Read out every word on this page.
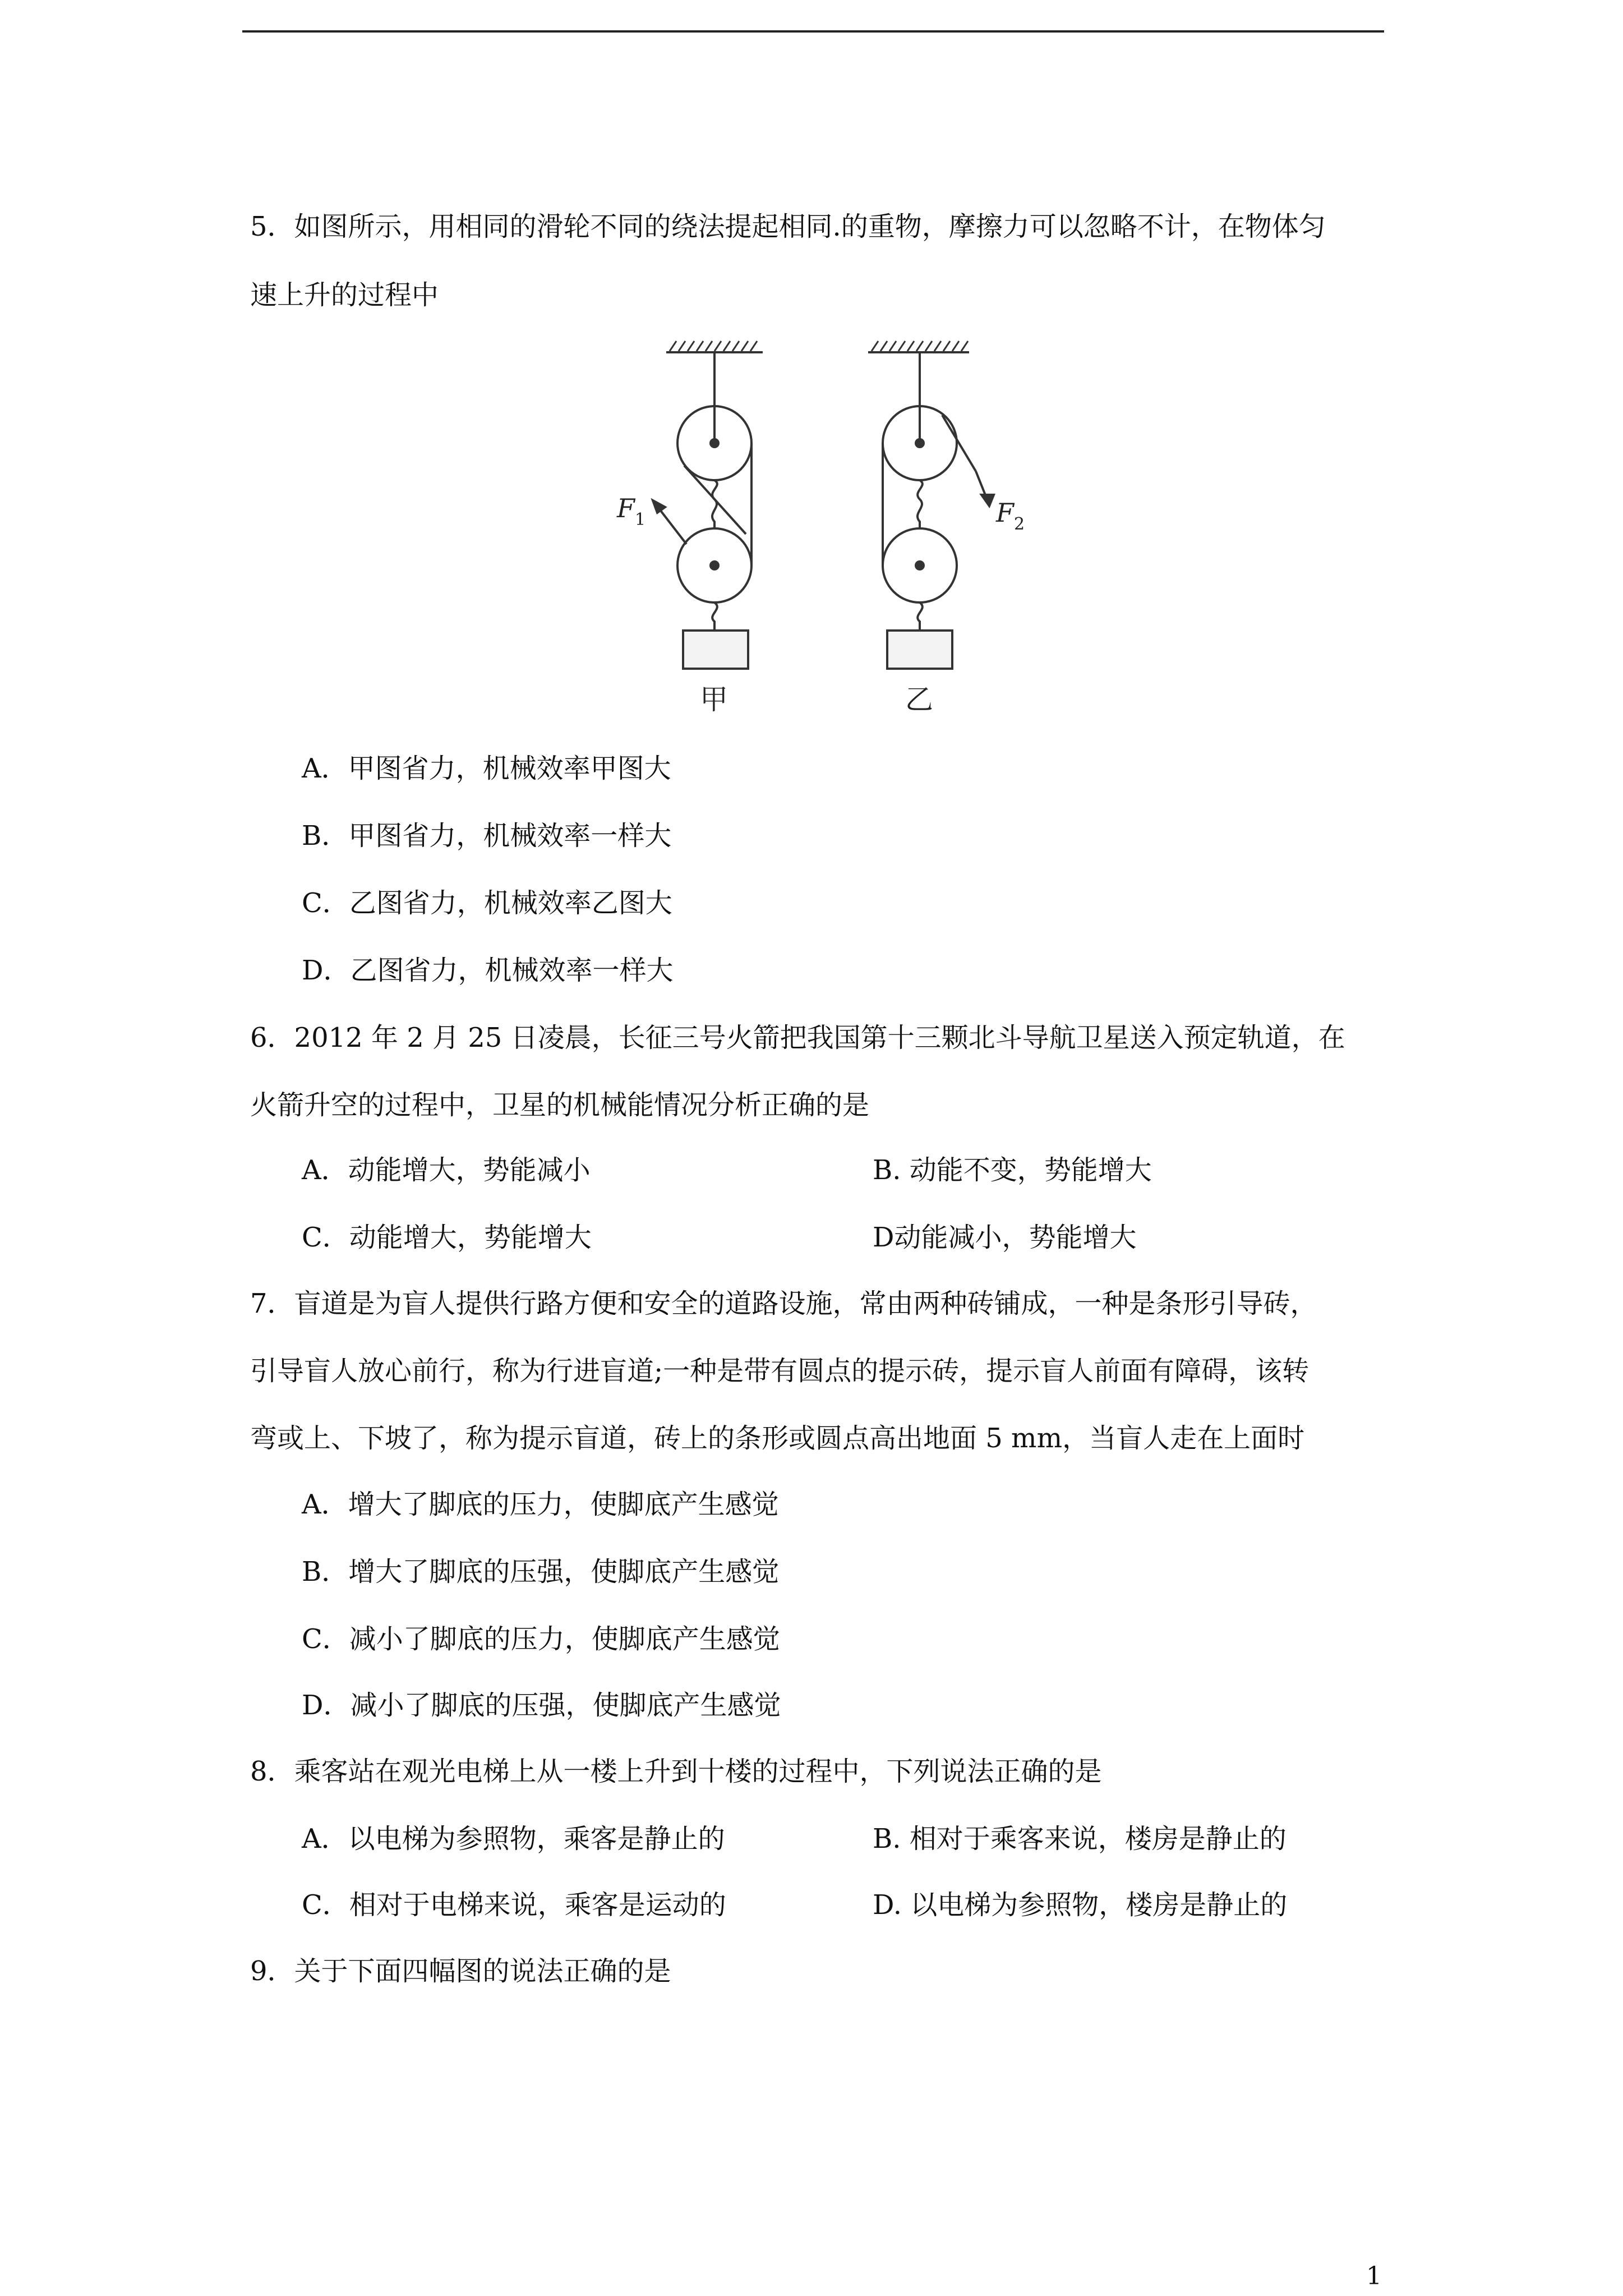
5．如图所示，用相同的滑轮不同的绕法提起相同.的重物，摩擦力可以忽略不计，在物体匀
速上升的过程中
F 1	F 2
甲	乙
A．甲图省力，机械效率甲图大
B．甲图省力，机械效率一样大
C．乙图省力，机械效率乙图大
D．乙图省力，机械效率一样大
6．2012 年 2 月 25 日凌晨，长征三号火箭把我国第十三颗北斗导航卫星送入预定轨道，在
火箭升空的过程中，卫星的机械能情况分析正确的是
A．动能增大，势能减小	B. 动能不变，势能增大
C．动能增大，势能增大	D动能减小，势能增大
7．盲道是为盲人提供行路方便和安全的道路设施，常由两种砖铺成，一种是条形引导砖，
引导盲人放心前行，称为行进盲道;一种是带有圆点的提示砖，提示盲人前面有障碍，该转
弯或上、下坡了，称为提示盲道，砖上的条形或圆点高出地面 5 mm，当盲人走在上面时
A．增大了脚底的压力，使脚底产生感觉
B．增大了脚底的压强，使脚底产生感觉
C．减小了脚底的压力，使脚底产生感觉
D．减小了脚底的压强，使脚底产生感觉
8．乘客站在观光电梯上从一楼上升到十楼的过程中，下列说法正确的是
A．以电梯为参照物，乘客是静止的	B. 相对于乘客来说，楼房是静止的
C．相对于电梯来说，乘客是运动的	D. 以电梯为参照物，楼房是静止的
9．关于下面四幅图的说法正确的是
1
